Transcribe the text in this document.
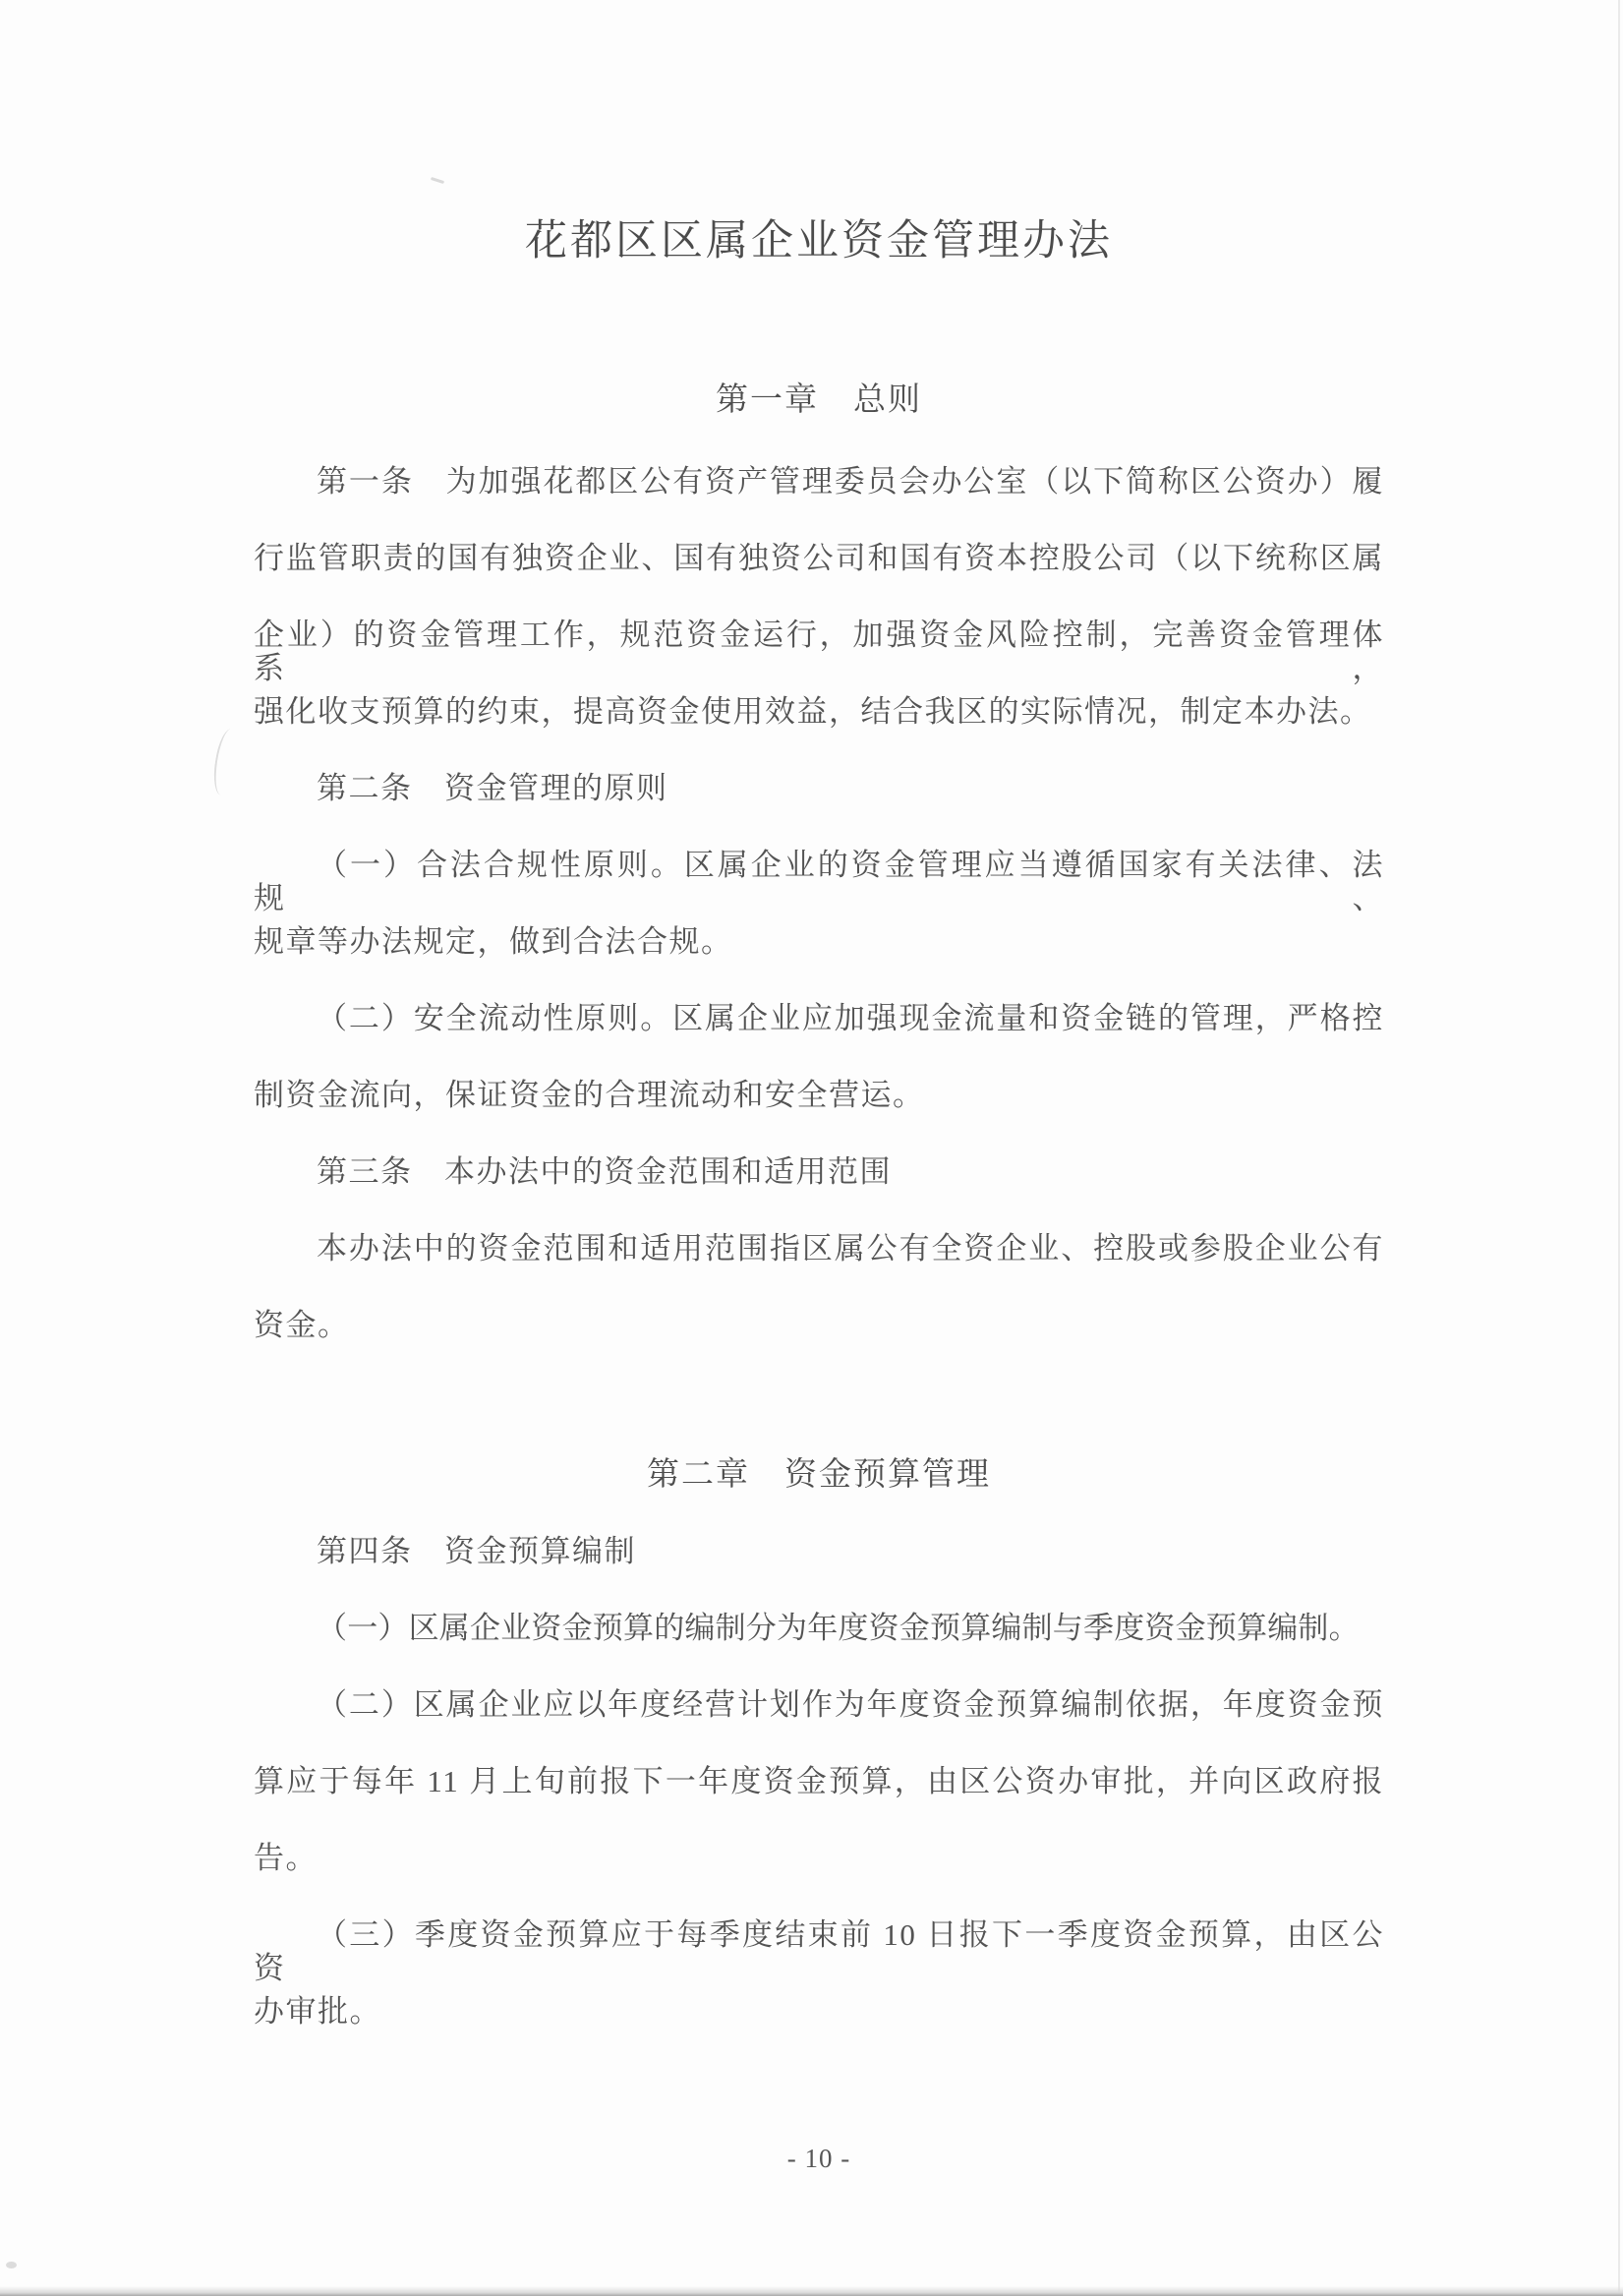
花都区区属企业资金管理办法
第一章　总则
第一条　为加强花都区公有资产管理委员会办公室（以下简称区公资办）履
行监管职责的国有独资企业、国有独资公司和国有资本控股公司（以下统称区属
企业）的资金管理工作，规范资金运行，加强资金风险控制，完善资金管理体系，
强化收支预算的约束，提高资金使用效益，结合我区的实际情况，制定本办法。
第二条　资金管理的原则
（一）合法合规性原则。区属企业的资金管理应当遵循国家有关法律、法规、
规章等办法规定，做到合法合规。
（二）安全流动性原则。区属企业应加强现金流量和资金链的管理，严格控
制资金流向，保证资金的合理流动和安全营运。
第三条　本办法中的资金范围和适用范围
本办法中的资金范围和适用范围指区属公有全资企业、控股或参股企业公有
资金。
第二章　资金预算管理
第四条　资金预算编制
（一）区属企业资金预算的编制分为年度资金预算编制与季度资金预算编制。
（二）区属企业应以年度经营计划作为年度资金预算编制依据，年度资金预
算应于每年 11 月上旬前报下一年度资金预算，由区公资办审批，并向区政府报
告。
（三）季度资金预算应于每季度结束前 10 日报下一季度资金预算，由区公资
办审批。
- 10 -
